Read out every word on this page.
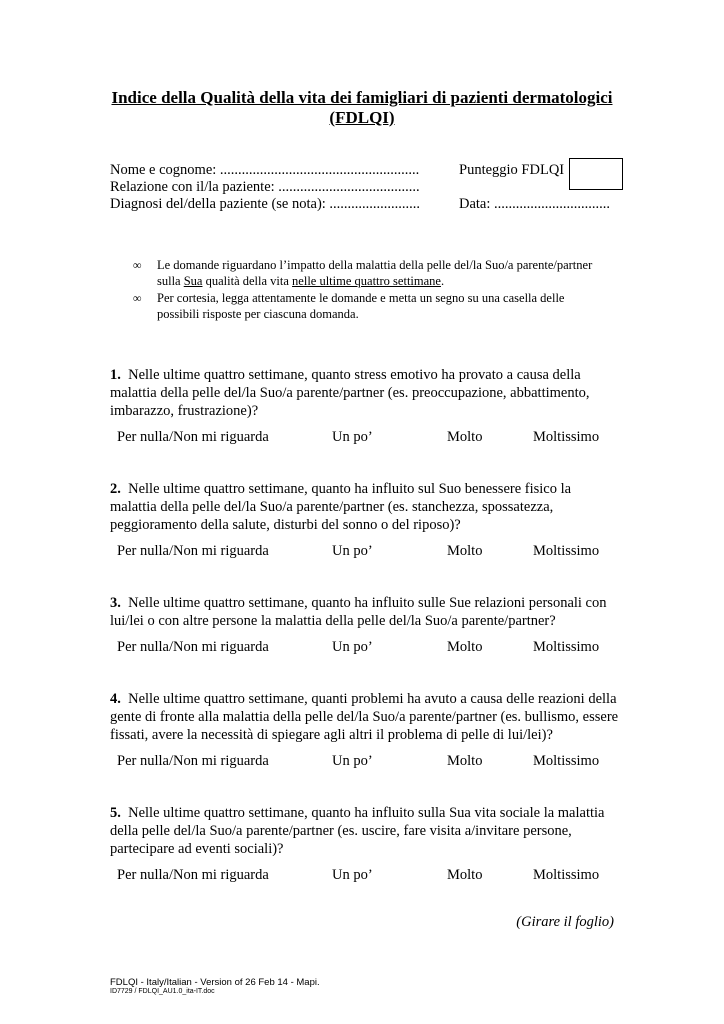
Indice della Qualità della vita dei famigliari di pazienti dermatologici
(FDLQI)
Nome e cognome: .......................................................
Relazione con il/la paziente: .......................................
Diagnosi del/della paziente (se nota): .........................
Punteggio FDLQI
Data: ................................
∞ Le domande riguardano l’impatto della malattia della pelle del/la Suo/a parente/partner sulla Sua qualità della vita nelle ultime quattro settimane.
∞ Per cortesia, legga attentamente le domande e metta un segno su una casella delle possibili risposte per ciascuna domanda.
1. Nelle ultime quattro settimane, quanto stress emotivo ha provato a causa della malattia della pelle del/la Suo/a parente/partner (es. preoccupazione, abbattimento, imbarazzo, frustrazione)?
Per nulla/Non mi riguarda	Un po’	Molto	Moltissimo
2. Nelle ultime quattro settimane, quanto ha influito sul Suo benessere fisico la malattia della pelle del/la Suo/a parente/partner (es. stanchezza, spossatezza, peggioramento della salute, disturbi del sonno o del riposo)?
Per nulla/Non mi riguarda	Un po’	Molto	Moltissimo
3. Nelle ultime quattro settimane, quanto ha influito sulle Sue relazioni personali con lui/lei o con altre persone la malattia della pelle del/la Suo/a parente/partner?
Per nulla/Non mi riguarda	Un po’	Molto	Moltissimo
4. Nelle ultime quattro settimane, quanti problemi ha avuto a causa delle reazioni della gente di fronte alla malattia della pelle del/la Suo/a parente/partner (es. bullismo, essere fissati, avere la necessità di spiegare agli altri il problema di pelle di lui/lei)?
Per nulla/Non mi riguarda	Un po’	Molto	Moltissimo
5. Nelle ultime quattro settimane, quanto ha influito sulla Sua vita sociale la malattia della pelle del/la Suo/a parente/partner (es. uscire, fare visita a/invitare persone, partecipare ad eventi sociali)?
Per nulla/Non mi riguarda	Un po’	Molto	Moltissimo
(Girare il foglio)
FDLQI - Italy/Italian - Version of 26 Feb 14 - Mapi.
ID7729 / FDLQI_AU1.0_ita-IT.doc
